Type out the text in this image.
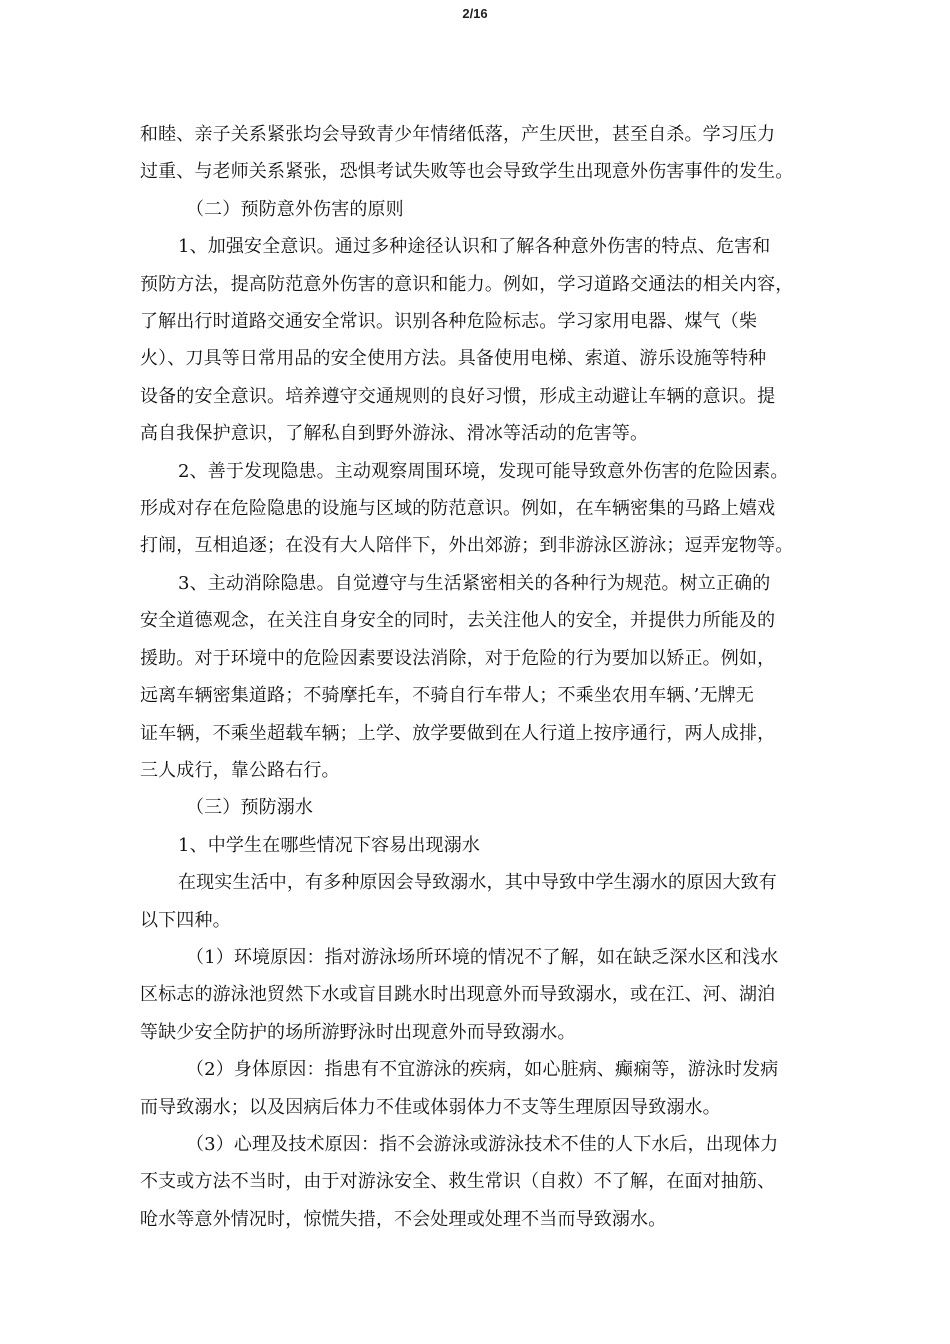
2/16
和睦、亲子关系紧张均会导致青少年情绪低落，产生厌世，甚至自杀。学习压力
过重、与老师关系紧张，恐惧考试失败等也会导致学生出现意外伤害事件的发生。
（二）预防意外伤害的原则
1、加强安全意识。通过多种途径认识和了解各种意外伤害的特点、危害和
预防方法，提高防范意外伤害的意识和能力。例如，学习道路交通法的相关内容，
了解出行时道路交通安全常识。识别各种危险标志。学习家用电器、煤气（柴
火）、刀具等日常用品的安全使用方法。具备使用电梯、索道、游乐设施等特种
设备的安全意识。培养遵守交通规则的良好习惯，形成主动避让车辆的意识。提
高自我保护意识，了解私自到野外游泳、滑冰等活动的危害等。
2、善于发现隐患。主动观察周围环境，发现可能导致意外伤害的危险因素。
形成对存在危险隐患的设施与区域的防范意识。例如，在车辆密集的马路上嬉戏
打闹，互相追逐；在没有大人陪伴下，外出郊游；到非游泳区游泳；逗弄宠物等。
3、主动消除隐患。自觉遵守与生活紧密相关的各种行为规范。树立正确的
安全道德观念，在关注自身安全的同时，去关注他人的安全，并提供力所能及的
援助。对于环境中的危险因素要设法消除，对于危险的行为要加以矫正。例如，
远离车辆密集道路；不骑摩托车，不骑自行车带人；不乘坐农用车辆、’无牌无
证车辆，不乘坐超载车辆；上学、放学要做到在人行道上按序通行，两人成排，
三人成行，靠公路右行。
（三）预防溺水
1、中学生在哪些情况下容易出现溺水
在现实生活中，有多种原因会导致溺水，其中导致中学生溺水的原因大致有
以下四种。
（1）环境原因：指对游泳场所环境的情况不了解，如在缺乏深水区和浅水
区标志的游泳池贸然下水或盲目跳水时出现意外而导致溺水，或在江、河、湖泊
等缺少安全防护的场所游野泳时出现意外而导致溺水。
（2）身体原因：指患有不宜游泳的疾病，如心脏病、癫痫等，游泳时发病
而导致溺水；以及因病后体力不佳或体弱体力不支等生理原因导致溺水。
（3）心理及技术原因：指不会游泳或游泳技术不佳的人下水后，出现体力
不支或方法不当时，由于对游泳安全、救生常识（自救）不了解，在面对抽筋、
呛水等意外情况时，惊慌失措，不会处理或处理不当而导致溺水。
